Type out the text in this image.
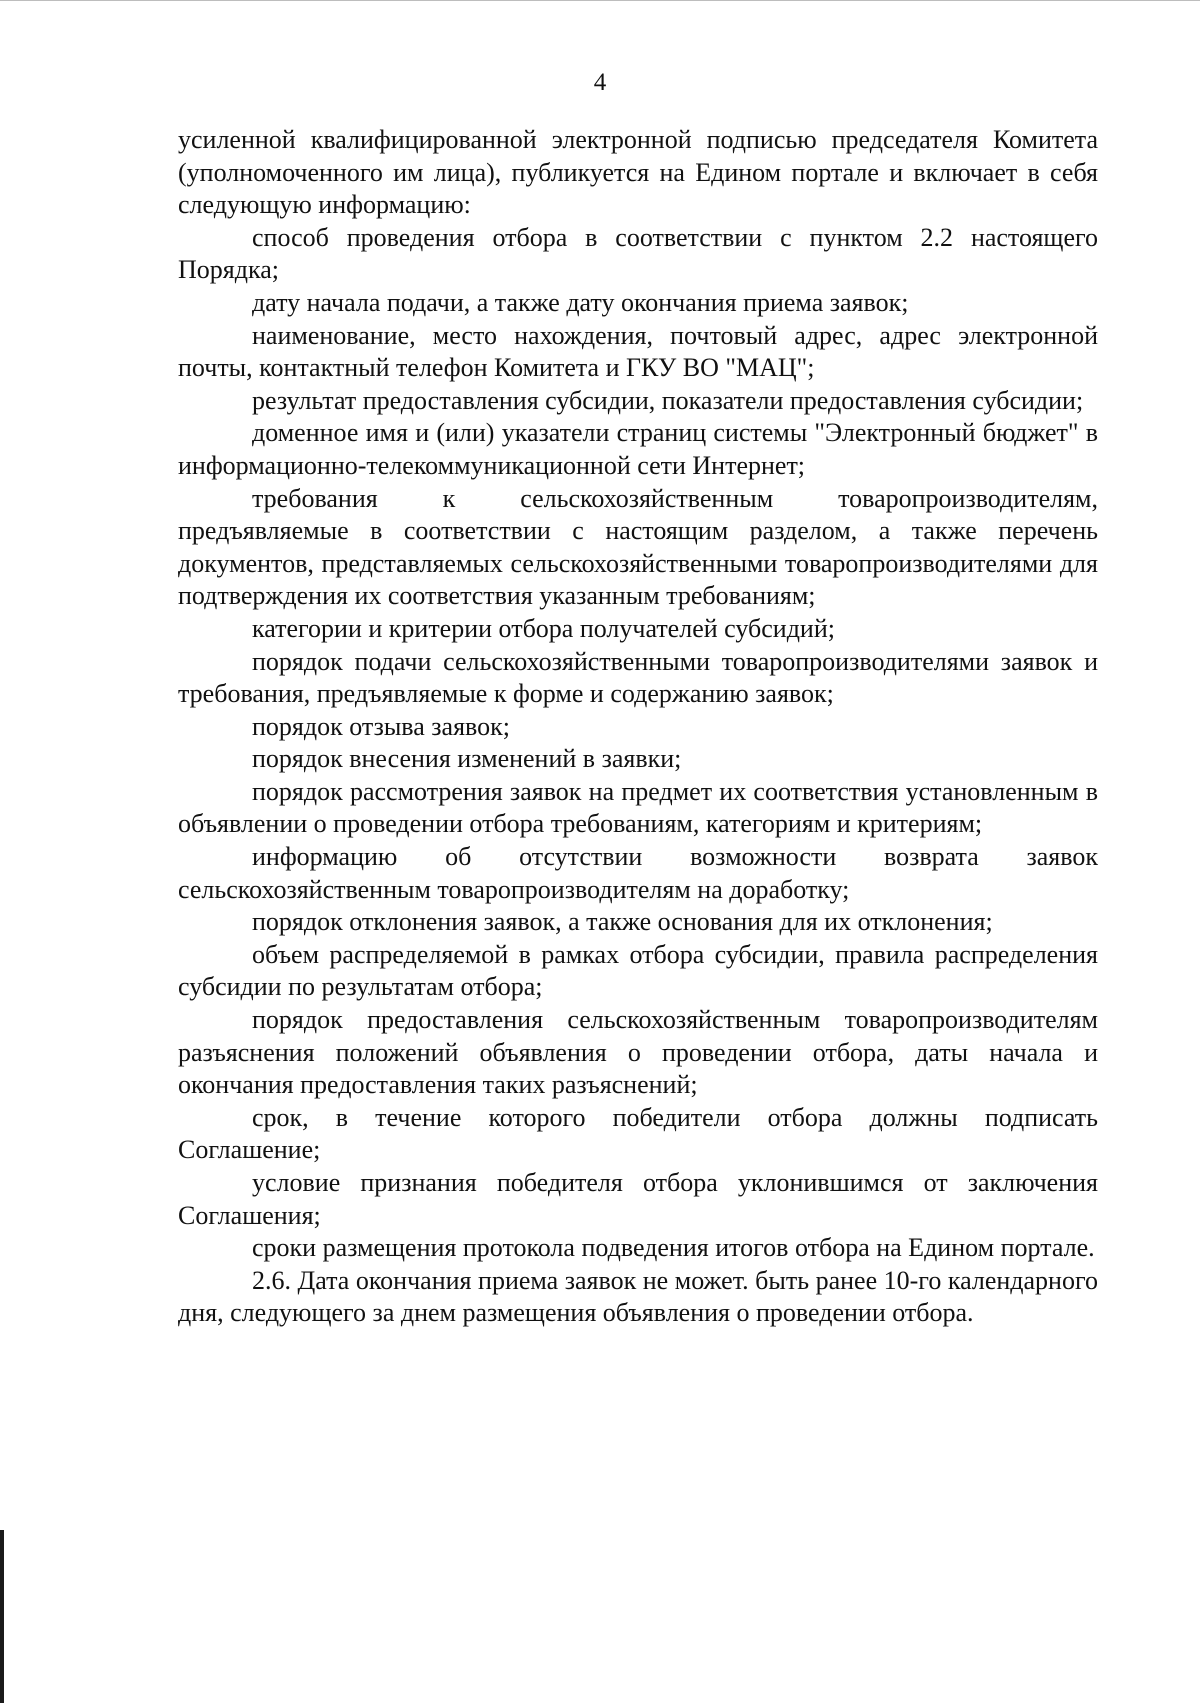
4

усиленной квалифицированной электронной подписью председателя Комитета (уполномоченного им лица), публикуется на Едином портале и включает в себя следующую информацию:

способ проведения отбора в соответствии с пунктом 2.2 настоящего Порядка;

дату начала подачи, а также дату окончания приема заявок;

наименование, место нахождения, почтовый адрес, адрес электронной почты, контактный телефон Комитета и ГКУ ВО "МАЦ";

результат предоставления субсидии, показатели предоставления субсидии;

доменное имя и (или) указатели страниц системы "Электронный бюджет" в информационно-телекоммуникационной сети Интернет;

требования к сельскохозяйственным товаропроизводителям, предъявляемые в соответствии с настоящим разделом, а также перечень документов, представляемых сельскохозяйственными товаропроизводителями для подтверждения их соответствия указанным требованиям;

категории и критерии отбора получателей субсидий;

порядок подачи сельскохозяйственными товаропроизводителями заявок и требования, предъявляемые к форме и содержанию заявок;

порядок отзыва заявок;

порядок внесения изменений в заявки;

порядок рассмотрения заявок на предмет их соответствия установленным в объявлении о проведении отбора требованиям, категориям и критериям;

информацию об отсутствии возможности возврата заявок сельскохозяйственным товаропроизводителям на доработку;

порядок отклонения заявок, а также основания для их отклонения;

объем распределяемой в рамках отбора субсидии, правила распределения субсидии по результатам отбора;

порядок предоставления сельскохозяйственным товаропроизводителям разъяснения положений объявления о проведении отбора, даты начала и окончания предоставления таких разъяснений;

срок, в течение которого победители отбора должны подписать Соглашение;

условие признания победителя отбора уклонившимся от заключения Соглашения;

сроки размещения протокола подведения итогов отбора на Едином портале.

2.6. Дата окончания приема заявок не может. быть ранее 10-го календарного дня, следующего за днем размещения объявления о проведении отбора.
